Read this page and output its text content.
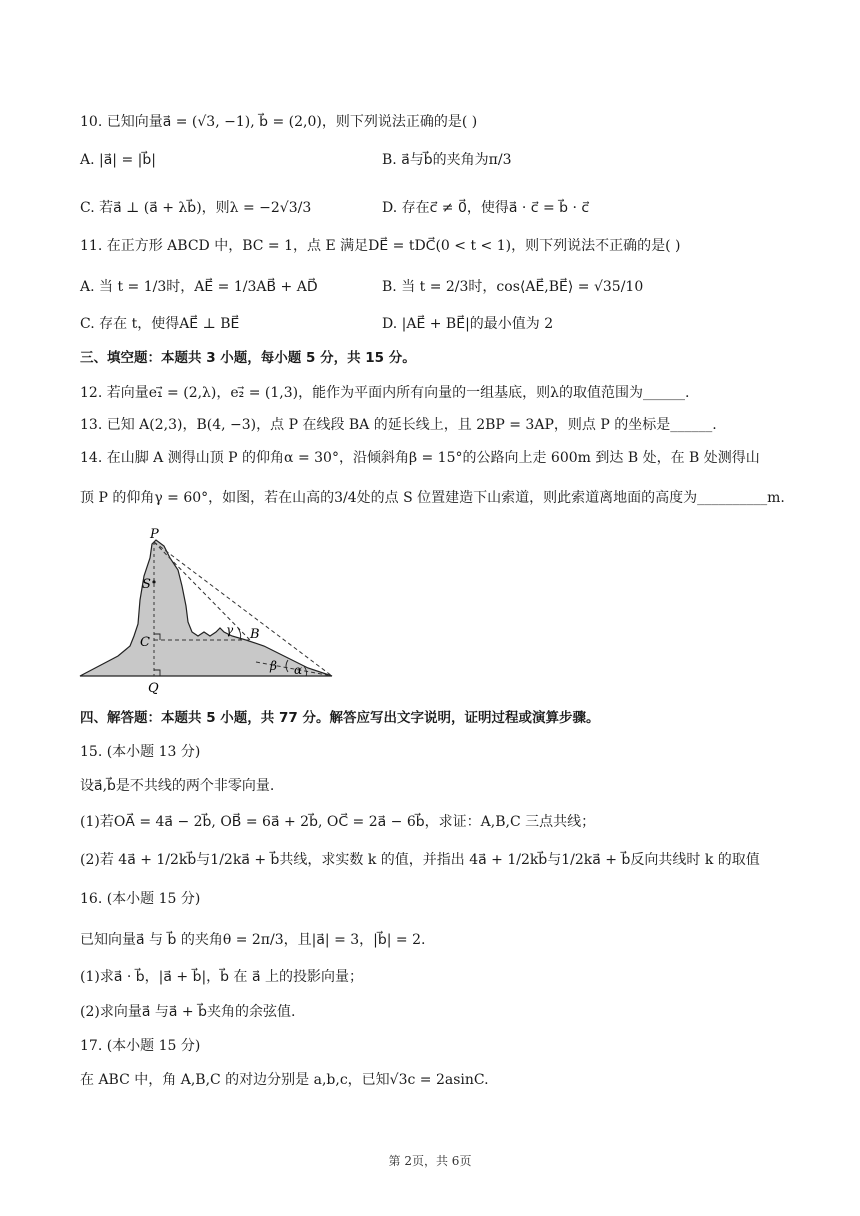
10. 已知向量a⃗ = (√3, −1), b⃗ = (2,0)，则下列说法正确的是( )
A. |a⃗| = |b⃗|	B. a⃗与b⃗的夹角为π/3
C. 若a⃗ ⊥ (a⃗ + λb⃗)，则λ = −2√3/3	D. 存在c⃗ ≠ 0⃗，使得a⃗ · c⃗ = b⃗ · c⃗
11. 在正方形 ABCD 中，BC = 1，点 E 满足DE⃗ = tDC⃗(0 < t < 1)，则下列说法不正确的是( )
A. 当 t = 1/3时，AE⃗ = 1/3AB⃗ + AD⃗	B. 当 t = 2/3时，cos⟨AE⃗,BE⃗⟩ = √35/10
C. 存在 t，使得AE⃗ ⊥ BE⃗	D. |AE⃗ + BE⃗|的最小值为 2
三、填空题：本题共 3 小题，每小题 5 分，共 15 分。
12. 若向量e₁⃗ = (2,λ)，e₂⃗ = (1,3)，能作为平面内所有向量的一组基底，则λ的取值范围为______.
13. 已知 A(2,3)，B(4, −3)，点 P 在线段 BA 的延长线上，且 2BP = 3AP，则点 P 的坐标是______.
14. 在山脚 A 测得山顶 P 的仰角α = 30°，沿倾斜角β = 15°的公路向上走 600m 到达 B 处，在 B 处测得山
顶 P 的仰角γ = 60°，如图，若在山高的3/4处的点 S 位置建造下山索道，则此索道离地面的高度为__________m.
P
S
C
B
γ
β α
Q
四、解答题：本题共 5 小题，共 77 分。解答应写出文字说明，证明过程或演算步骤。
15. (本小题 13 分)
设a⃗,b⃗是不共线的两个非零向量.
(1)若OA⃗ = 4a⃗ − 2b⃗, OB⃗ = 6a⃗ + 2b⃗, OC⃗ = 2a⃗ − 6b⃗，求证：A,B,C 三点共线；
(2)若 4a⃗ + 1/2kb⃗与1/2ka⃗ + b⃗共线，求实数 k 的值，并指出 4a⃗ + 1/2kb⃗与1/2ka⃗ + b⃗反向共线时 k 的取值
16. (本小题 15 分)
已知向量a⃗ 与 b⃗ 的夹角θ = 2π/3，且|a⃗| = 3，|b⃗| = 2.
(1)求a⃗ · b⃗，|a⃗ + b⃗|，b⃗ 在 a⃗ 上的投影向量；
(2)求向量a⃗ 与a⃗ + b⃗夹角的余弦值.
17. (本小题 15 分)
在 ABC 中，角 A,B,C 的对边分别是 a,b,c，已知√3c = 2asinC.
第 2页，共 6页
